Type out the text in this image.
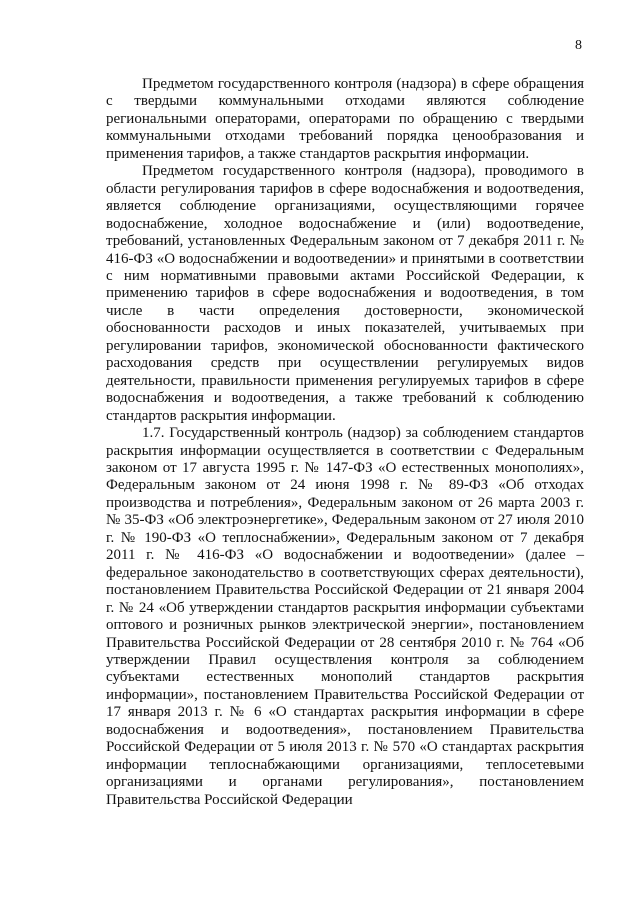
8

Предметом государственного контроля (надзора) в сфере обращения с твердыми коммунальными отходами являются соблюдение региональными операторами, операторами по обращению с твердыми коммунальными отходами требований порядка ценообразования и применения тарифов, а также стандартов раскрытия информации.

Предметом государственного контроля (надзора), проводимого в области регулирования тарифов в сфере водоснабжения и водоотведения, является соблюдение организациями, осуществляющими горячее водоснабжение, холодное водоснабжение и (или) водоотведение, требований, установленных Федеральным законом от 7 декабря 2011 г. № 416-ФЗ «О водоснабжении и водоотведении» и принятыми в соответствии с ним нормативными правовыми актами Российской Федерации, к применению тарифов в сфере водоснабжения и водоотведения, в том числе в части определения достоверности, экономической обоснованности расходов и иных показателей, учитываемых при регулировании тарифов, экономической обоснованности фактического расходования средств при осуществлении регулируемых видов деятельности, правильности применения регулируемых тарифов в сфере водоснабжения и водоотведения, а также требований к соблюдению стандартов раскрытия информации.

1.7. Государственный контроль (надзор) за соблюдением стандартов раскрытия информации осуществляется в соответствии с Федеральным законом от 17 августа 1995 г. № 147-ФЗ «О естественных монополиях», Федеральным законом от 24 июня 1998 г. № 89-ФЗ «Об отходах производства и потребления», Федеральным законом от 26 марта 2003 г. № 35-ФЗ «Об электроэнергетике», Федеральным законом от 27 июля 2010 г. № 190-ФЗ «О теплоснабжении», Федеральным законом от 7 декабря 2011 г. № 416-ФЗ «О водоснабжении и водоотведении» (далее – федеральное законодательство в соответствующих сферах деятельности), постановлением Правительства Российской Федерации от 21 января 2004 г. № 24 «Об утверждении стандартов раскрытия информации субъектами оптового и розничных рынков электрической энергии», постановлением Правительства Российской Федерации от 28 сентября 2010 г. № 764 «Об утверждении Правил осуществления контроля за соблюдением субъектами естественных монополий стандартов раскрытия информации», постановлением Правительства Российской Федерации от 17 января 2013 г. № 6 «О стандартах раскрытия информации в сфере водоснабжения и водоотведения», постановлением Правительства Российской Федерации от 5 июля 2013 г. № 570 «О стандартах раскрытия информации теплоснабжающими организациями, теплосетевыми организациями и органами регулирования», постановлением Правительства Российской Федерации
